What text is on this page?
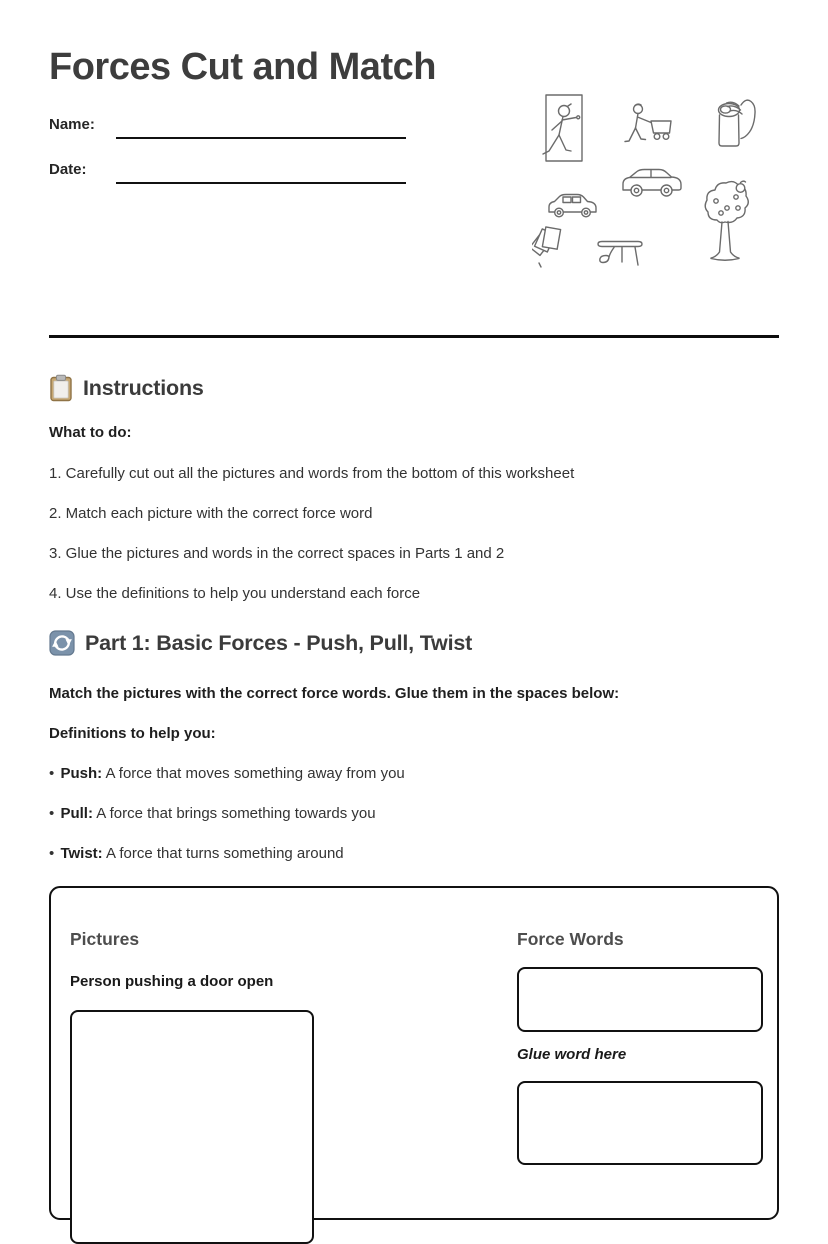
Forces Cut and Match
Name:
Date:
Instructions
What to do:
1. Carefully cut out all the pictures and words from the bottom of this worksheet
2. Match each picture with the correct force word
3. Glue the pictures and words in the correct spaces in Parts 1 and 2
4. Use the definitions to help you understand each force
Part 1: Basic Forces - Push, Pull, Twist
Match the pictures with the correct force words. Glue them in the spaces below:
Definitions to help you:
• Push: A force that moves something away from you
• Pull: A force that brings something towards you
• Twist: A force that turns something around
Pictures	Force Words
Person pushing a door open
Glue word here
